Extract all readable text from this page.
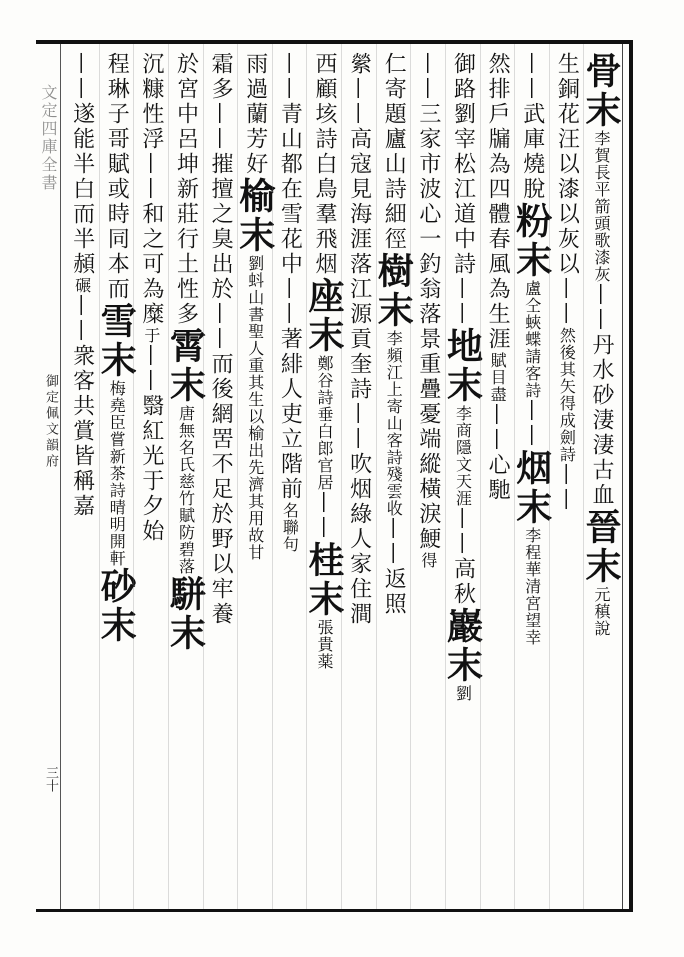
文定四庫全書
御定佩文韻府
三十
骨末李賀長平箭頭歌漆灰——丹水砂淒淒古血晉末元稹說
生銅花汪以漆以灰以——然後其矢得成劍詩——
——武庫燒脫粉末盧仝蛺蝶請客詩——烟末李程華清宮望幸
然排戶牖為四體春風為生涯賦目盡——心馳
御路劉宰松江道中詩——地末李商隱文天涯——高秋巖末劉
——三家市波心一釣翁落景重疊憂端縱橫淚鯁得
仁寄題廬山詩細徑樹末李頻江上寄山客詩殘雲收——返照
縈——高寇見海涯落江源貢奎詩——吹烟綠人家住澗
西顧垓詩白鳥羣飛烟座末鄭谷詩垂白郎官居——桂末張貴薬
——青山都在雪花中——著緋人吏立階前名聯句
雨過蘭芳好榆末劉蚪山書聖人重其生以榆出先濟其用故甘
霜多——摧擅之臭出於——而後網罟不足於野以牢養
於宮中呂坤新莊行土性多霄末唐無名氏慈竹賦防碧落駢末
沉糠性浮——和之可為糜于——翳紅光于夕始
程琳子哥賦或時同本而雪末梅堯臣嘗新茶詩晴明開軒砂末
——遂能半白而半頳碾——衆客共賞皆稱嘉
